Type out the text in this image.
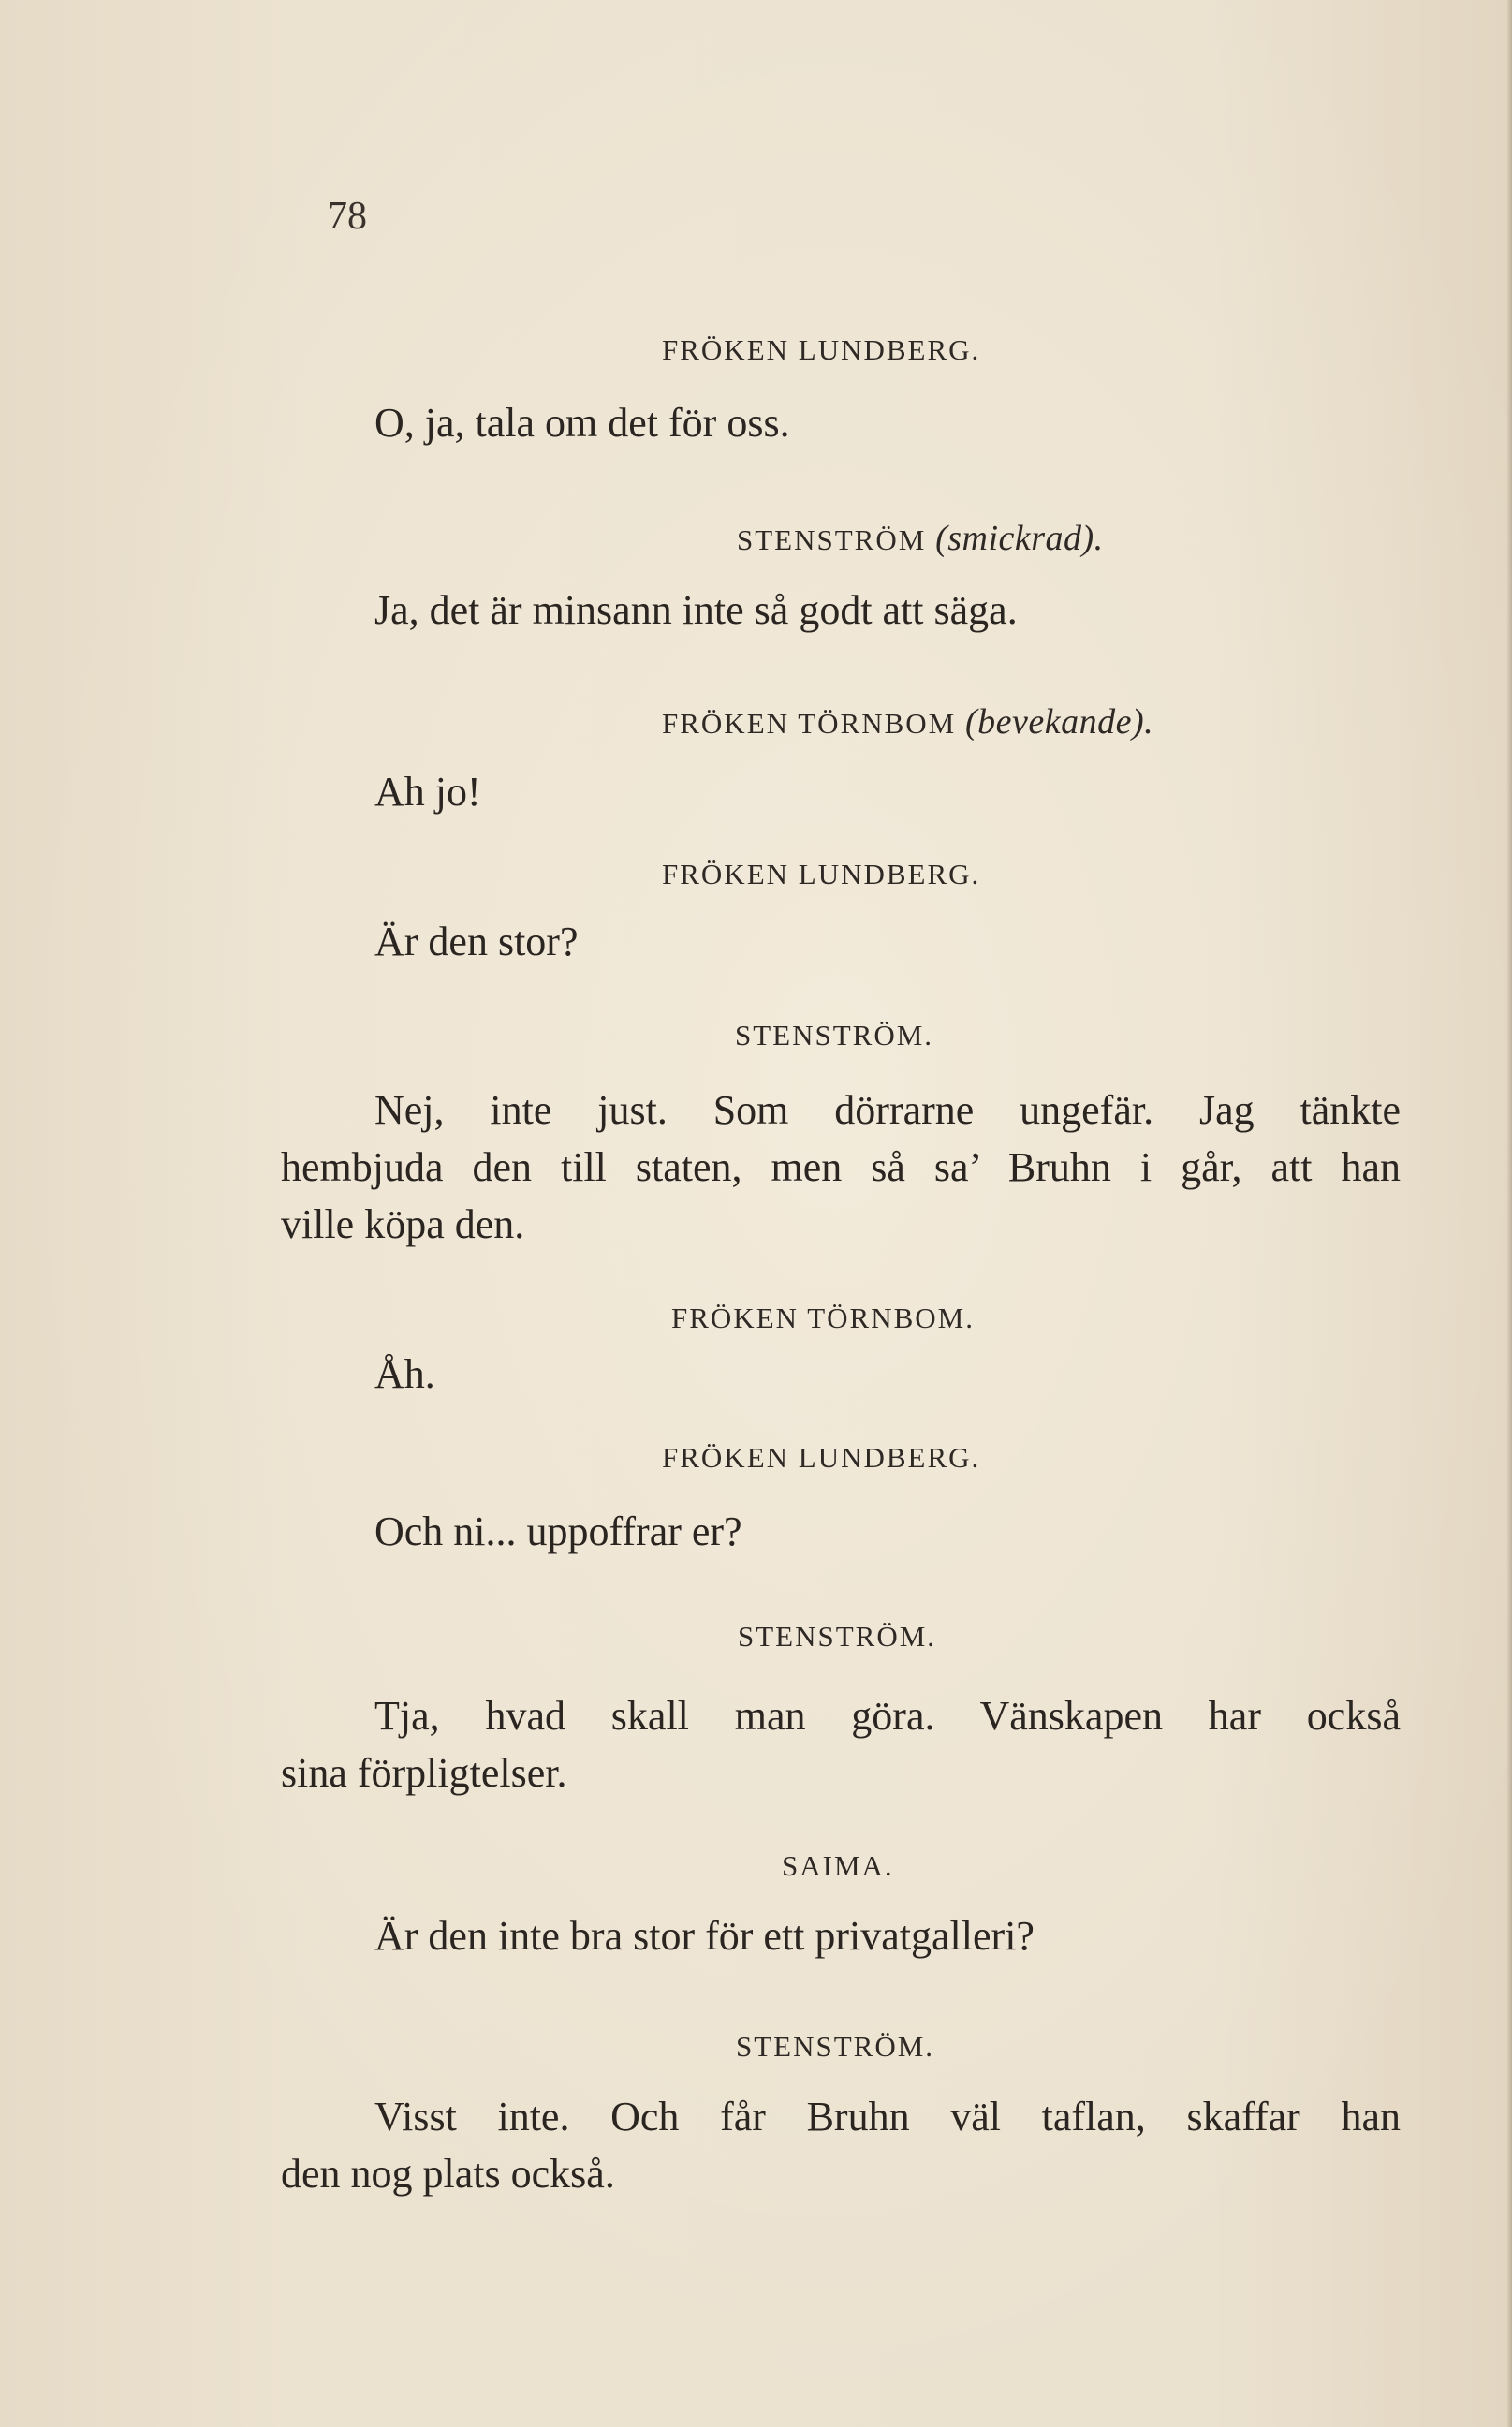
78
FRÖKEN LUNDBERG.
O, ja, tala om det för oss.
STENSTRÖM (smickrad).
Ja, det är minsann inte så godt att säga.
FRÖKEN TÖRNBOM (bevekande).
Ah jo!
FRÖKEN LUNDBERG.
Är den stor?
STENSTRÖM.
Nej, inte just. Som dörrarne ungefär. Jag tänkte
hembjuda den till staten, men så sa’ Bruhn i går, att han
ville köpa den.
FRÖKEN TÖRNBOM.
Åh.
FRÖKEN LUNDBERG.
Och ni... uppoffrar er?
STENSTRÖM.
Tja, hvad skall man göra. Vänskapen har också
sina förpligtelser.
SAIMA.
Är den inte bra stor för ett privatgalleri?
STENSTRÖM.
Visst inte. Och får Bruhn väl taflan, skaffar han
den nog plats också.
